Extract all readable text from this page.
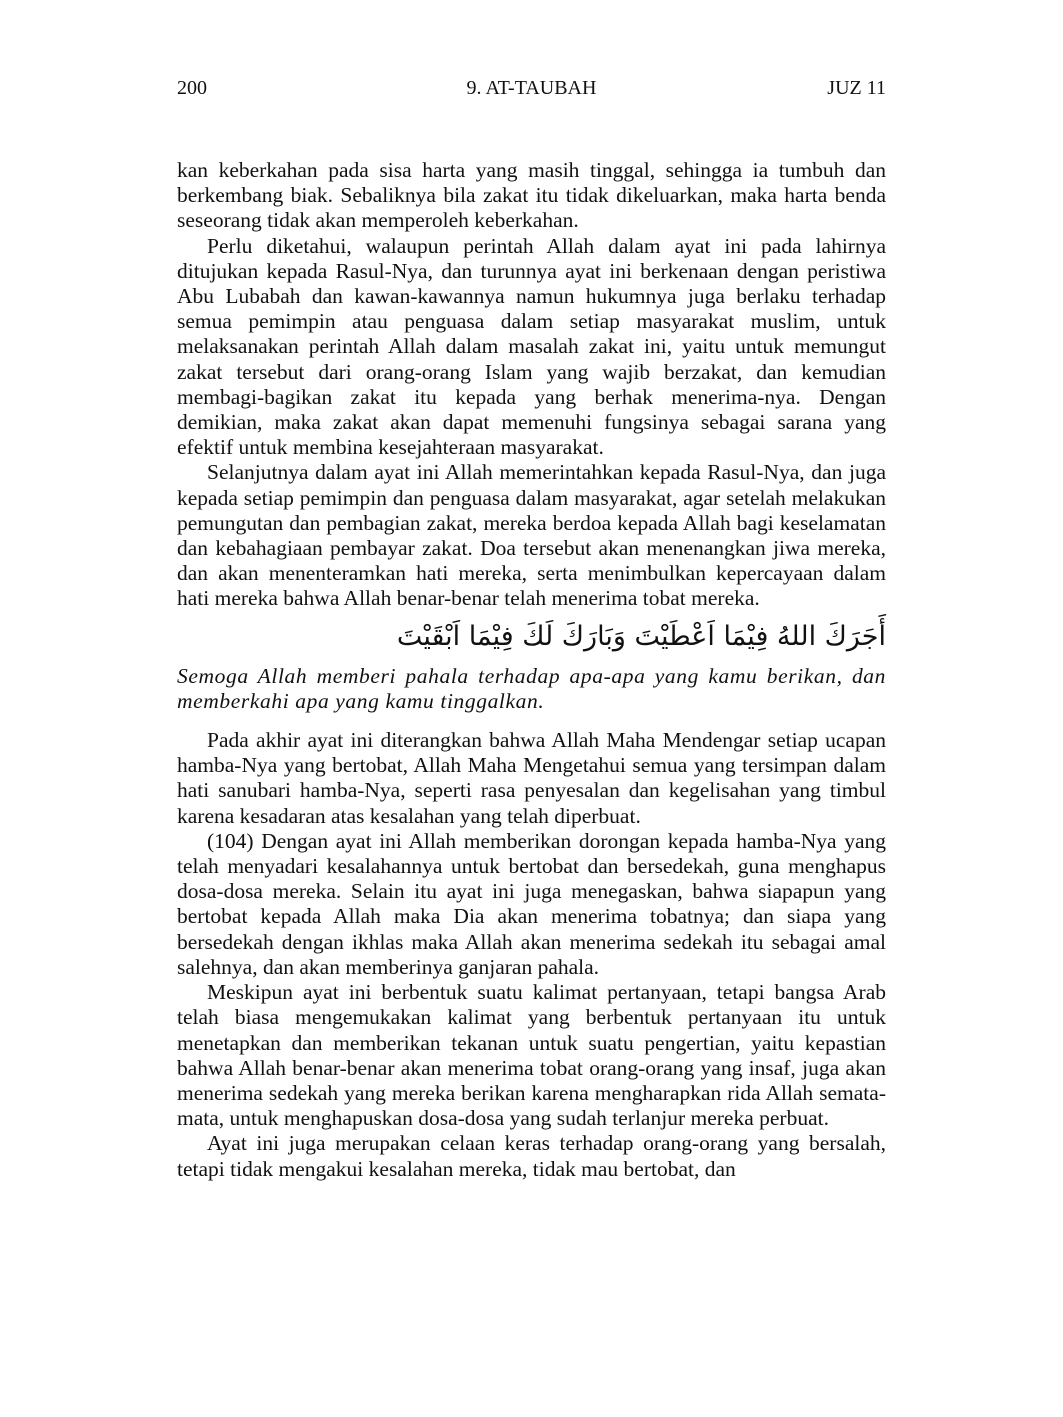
200	9. AT-TAUBAH	JUZ 11

kan keberkahan pada sisa harta yang masih tinggal, sehingga ia tumbuh dan berkembang biak. Sebaliknya bila zakat itu tidak dikeluarkan, maka harta benda seseorang tidak akan memperoleh keberkahan.

Perlu diketahui, walaupun perintah Allah dalam ayat ini pada lahirnya ditujukan kepada Rasul-Nya, dan turunnya ayat ini berkenaan dengan peristiwa Abu Lubabah dan kawan-kawannya namun hukumnya juga berlaku terhadap semua pemimpin atau penguasa dalam setiap masyarakat muslim, untuk melaksanakan perintah Allah dalam masalah zakat ini, yaitu untuk memungut zakat tersebut dari orang-orang Islam yang wajib berzakat, dan kemudian membagi-bagikan zakat itu kepada yang berhak menerima-nya. Dengan demikian, maka zakat akan dapat memenuhi fungsinya sebagai sarana yang efektif untuk membina kesejahteraan masyarakat.

Selanjutnya dalam ayat ini Allah memerintahkan kepada Rasul-Nya, dan juga kepada setiap pemimpin dan penguasa dalam masyarakat, agar setelah melakukan pemungutan dan pembagian zakat, mereka berdoa kepada Allah bagi keselamatan dan kebahagiaan pembayar zakat. Doa tersebut akan menenangkan jiwa mereka, dan akan menenteramkan hati mereka, serta menimbulkan kepercayaan dalam hati mereka bahwa Allah benar-benar telah menerima tobat mereka.

أَجَرَكَ اللهُ فِيْمَا اَعْطَيْتَ وَبَارَكَ لَكَ فِيْمَا اَبْقَيْتَ

Semoga Allah memberi pahala terhadap apa-apa yang kamu berikan, dan memberkahi apa yang kamu tinggalkan.

Pada akhir ayat ini diterangkan bahwa Allah Maha Mendengar setiap ucapan hamba-Nya yang bertobat, Allah Maha Mengetahui semua yang tersimpan dalam hati sanubari hamba-Nya, seperti rasa penyesalan dan kegelisahan yang timbul karena kesadaran atas kesalahan yang telah diperbuat.

(104) Dengan ayat ini Allah memberikan dorongan kepada hamba-Nya yang telah menyadari kesalahannya untuk bertobat dan bersedekah, guna menghapus dosa-dosa mereka. Selain itu ayat ini juga menegaskan, bahwa siapapun yang bertobat kepada Allah maka Dia akan menerima tobatnya; dan siapa yang bersedekah dengan ikhlas maka Allah akan menerima sedekah itu sebagai amal salehnya, dan akan memberinya ganjaran pahala.

Meskipun ayat ini berbentuk suatu kalimat pertanyaan, tetapi bangsa Arab telah biasa mengemukakan kalimat yang berbentuk pertanyaan itu untuk menetapkan dan memberikan tekanan untuk suatu pengertian, yaitu kepastian bahwa Allah benar-benar akan menerima tobat orang-orang yang insaf, juga akan menerima sedekah yang mereka berikan karena mengharapkan rida Allah semata-mata, untuk menghapuskan dosa-dosa yang sudah terlanjur mereka perbuat.

Ayat ini juga merupakan celaan keras terhadap orang-orang yang bersalah, tetapi tidak mengakui kesalahan mereka, tidak mau bertobat, dan
